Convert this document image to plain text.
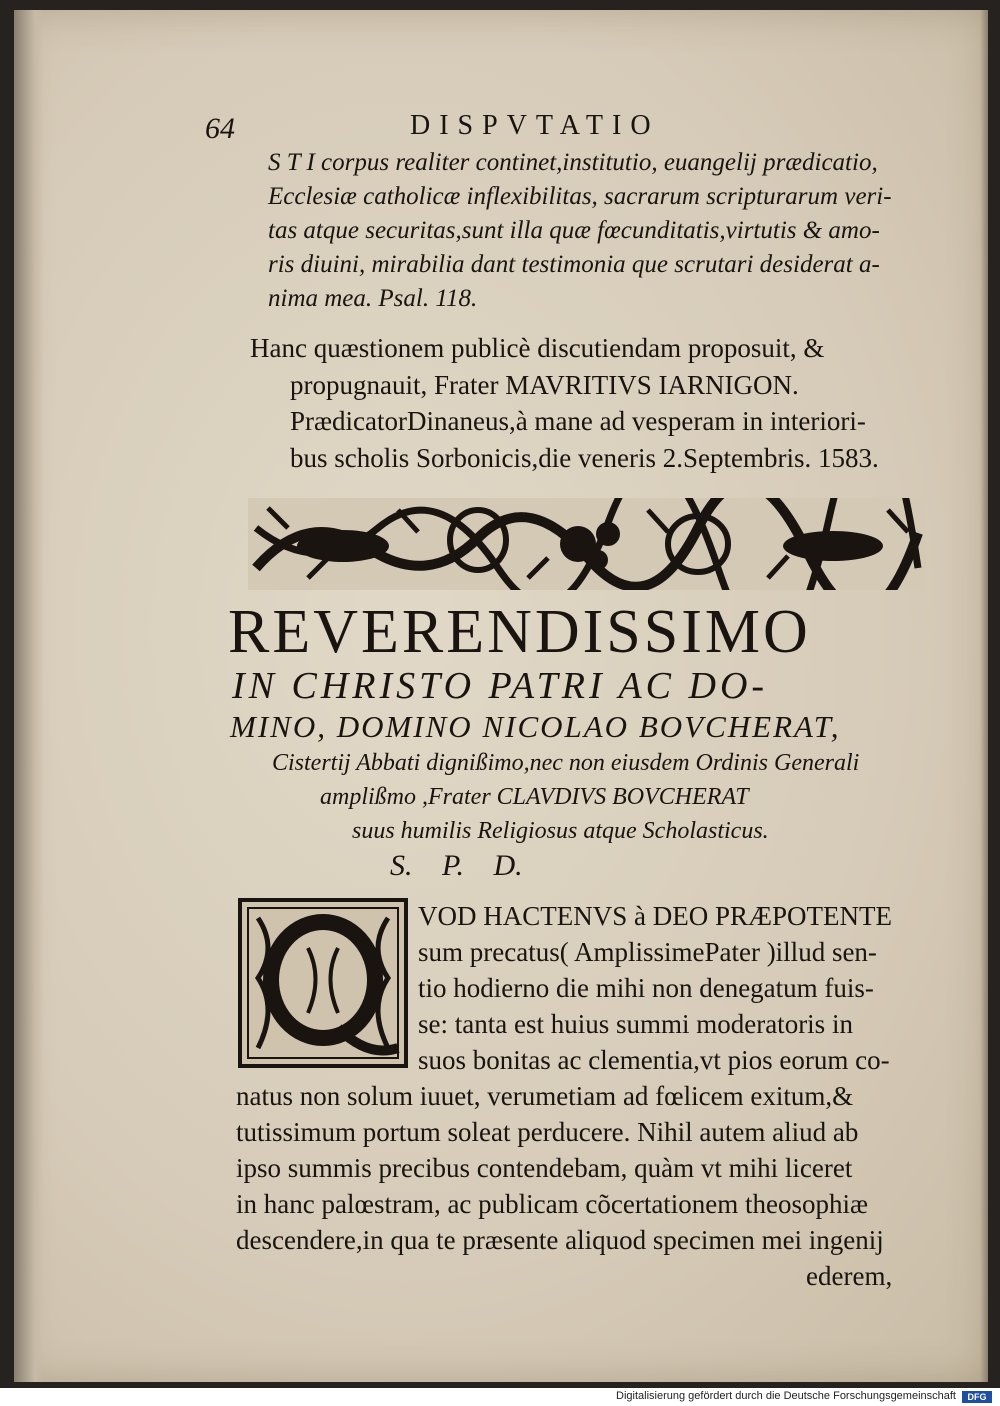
64	DISPVTATIO
S T I corpus realiter continet,institutio, euangelij prædicatio,
Ecclesiæ catholicæ inflexibilitas, sacrarum scripturarum veri-
tas atque securitas,sunt illa quæ fœcunditatis,virtutis & amo-
ris diuini, mirabilia dant testimonia que scrutari desiderat a-
nima mea. Psal. 118.
Hanc quæstionem publicè discutiendam proposuit, &
propugnauit, Frater MAVRITIVS IARNIGON.
PrædicatorDinaneus,à mane ad vesperam in interiori-
bus scholis Sorbonicis,die veneris 2.Septembris. 1583.
REVERENDISSIMO
IN CHRISTO PATRI AC DO-
MINO, DOMINO NICOLAO BOVCHERAT,
Cistertij Abbati dignißimo,nec non eiusdem Ordinis Generali
amplißmo ,Frater CLAVDIVS BOVCHERAT
suus humilis Religiosus atque Scholasticus.
S. P. D.
VOD HACTENVS à DEO PRÆPOTENTE
sum precatus( AmplissimePater )illud sen-
tio hodierno die mihi non denegatum fuis-
se: tanta est huius summi moderatoris in
suos bonitas ac clementia,vt pios eorum co-
natus non solum iuuet, verumetiam ad fœlicem exitum,&
tutissimum portum soleat perducere. Nihil autem aliud ab
ipso summis precibus contendebam, quàm vt mihi liceret
in hanc palœstram, ac publicam cõcertationem theosophiæ
descendere,in qua te præsente aliquod specimen mei ingenij
ederem,
Digitalisierung gefördert durch die Deutsche Forschungsgemeinschaft	DFG
